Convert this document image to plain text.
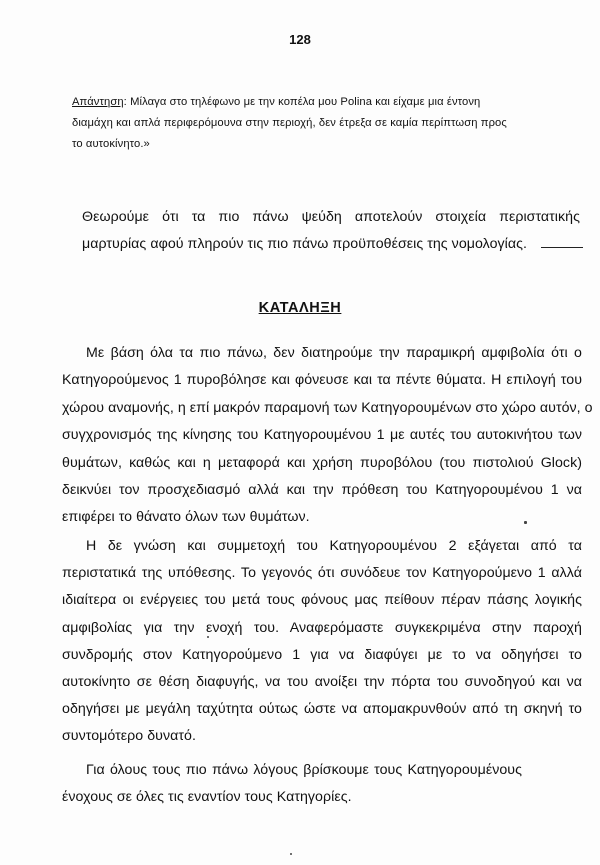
128
Απάντηση: Μίλαγα στο τηλέφωνο με την κοπέλα μου Polina και είχαμε μια έντονη
διαμάχη και απλά περιφερόμουνα στην περιοχή, δεν έτρεξα σε καμία περίπτωση προς
το αυτοκίνητο.»
Θεωρούμε ότι τα πιο πάνω ψεύδη αποτελούν στοιχεία περιστατικής
μαρτυρίας αφού πληρούν τις πιο πάνω προϋποθέσεις της νομολογίας.
ΚΑΤΑΛΗΞΗ
Με βάση όλα τα πιο πάνω, δεν διατηρούμε την παραμικρή αμφιβολία ότι ο
Κατηγορούμενος 1 πυροβόλησε και φόνευσε και τα πέντε θύματα. Η επιλογή του
χώρου αναμονής, η επί μακρόν παραμονή των Κατηγορουμένων στο χώρο αυτόν, ο
συγχρονισμός της κίνησης του Κατηγορουμένου 1 με αυτές του αυτοκινήτου των
θυμάτων, καθώς και η μεταφορά και χρήση πυροβόλου (του πιστολιού Glock)
δεικνύει τον προσχεδιασμό αλλά και την πρόθεση του Κατηγορουμένου 1 να
επιφέρει το θάνατο όλων των θυμάτων.
Η δε γνώση και συμμετοχή του Κατηγορουμένου 2 εξάγεται από τα
περιστατικά της υπόθεσης. Το γεγονός ότι συνόδευε τον Κατηγορούμενο 1 αλλά
ιδιαίτερα οι ενέργειες του μετά τους φόνους μας πείθουν πέραν πάσης λογικής
αμφιβολίας για την ενοχή του. Αναφερόμαστε συγκεκριμένα στην παροχή
συνδρομής στον Κατηγορούμενο 1 για να διαφύγει με το να οδηγήσει το
αυτοκίνητο σε θέση διαφυγής, να του ανοίξει την πόρτα του συνοδηγού και να
οδηγήσει με μεγάλη ταχύτητα ούτως ώστε να απομακρυνθούν από τη σκηνή το
συντομότερο δυνατό.
Για όλους τους πιο πάνω λόγους βρίσκουμε τους Κατηγορουμένους
ένοχους σε όλες τις εναντίον τους Κατηγορίες.
